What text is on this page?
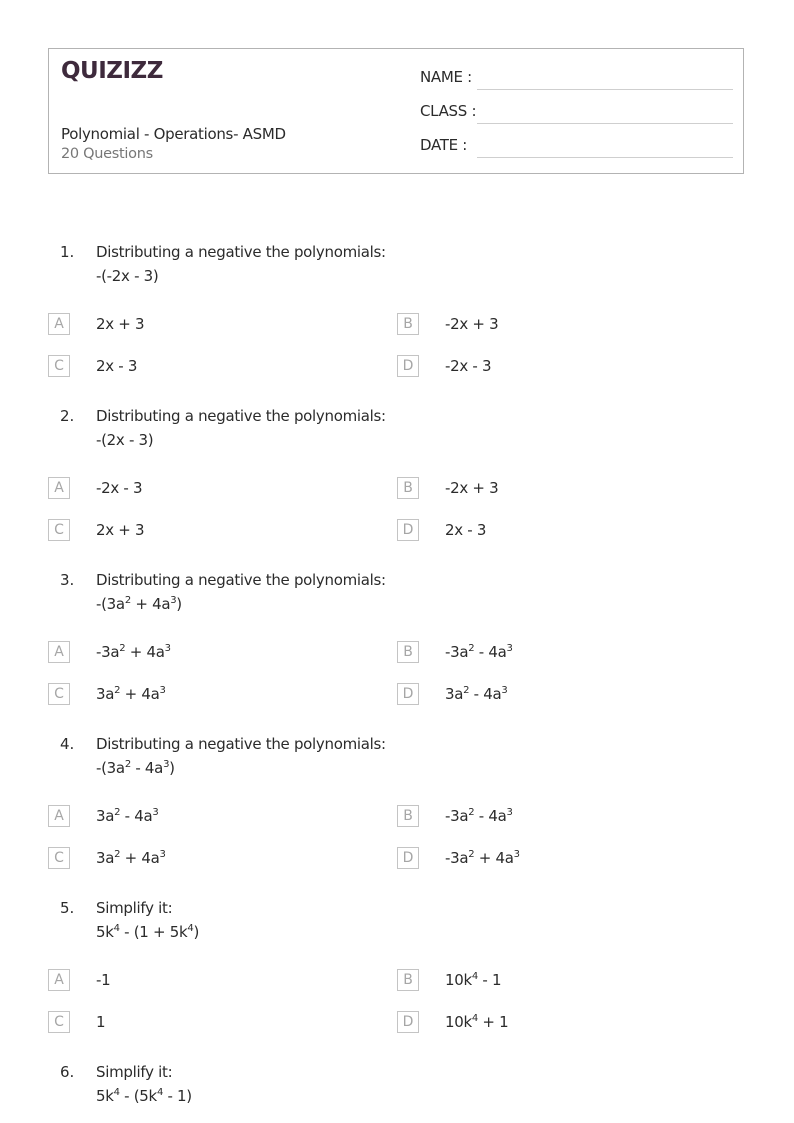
QUIZIZZ
Polynomial - Operations- ASMD
20 Questions
NAME :
CLASS :
DATE :
1. Distributing a negative the polynomials:
-(-2x - 3)
A	2x + 3	B	-2x + 3
C	2x - 3	D	-2x - 3
2. Distributing a negative the polynomials:
-(2x - 3)
A	-2x - 3	B	-2x + 3
C	2x + 3	D	2x - 3
3. Distributing a negative the polynomials:
$-(3a^2 + 4a^3)$
A	$-3a^2 + 4a^3$	B	$-3a^2 - 4a^3$
C	$3a^2 + 4a^3$	D	$3a^2 - 4a^3$
4. Distributing a negative the polynomials:
$-(3a^2 - 4a^3)$
A	$3a^2 - 4a^3$	B	$-3a^2 - 4a^3$
C	$3a^2 + 4a^3$	D	$-3a^2 + 4a^3$
5. Simplify it:
$5k^4 - (1 + 5k^4)$
A	-1	B	$10k^4 - 1$
C	1	D	$10k^4 + 1$
6. Simplify it:
$5k^4 - (5k^4 - 1)$
